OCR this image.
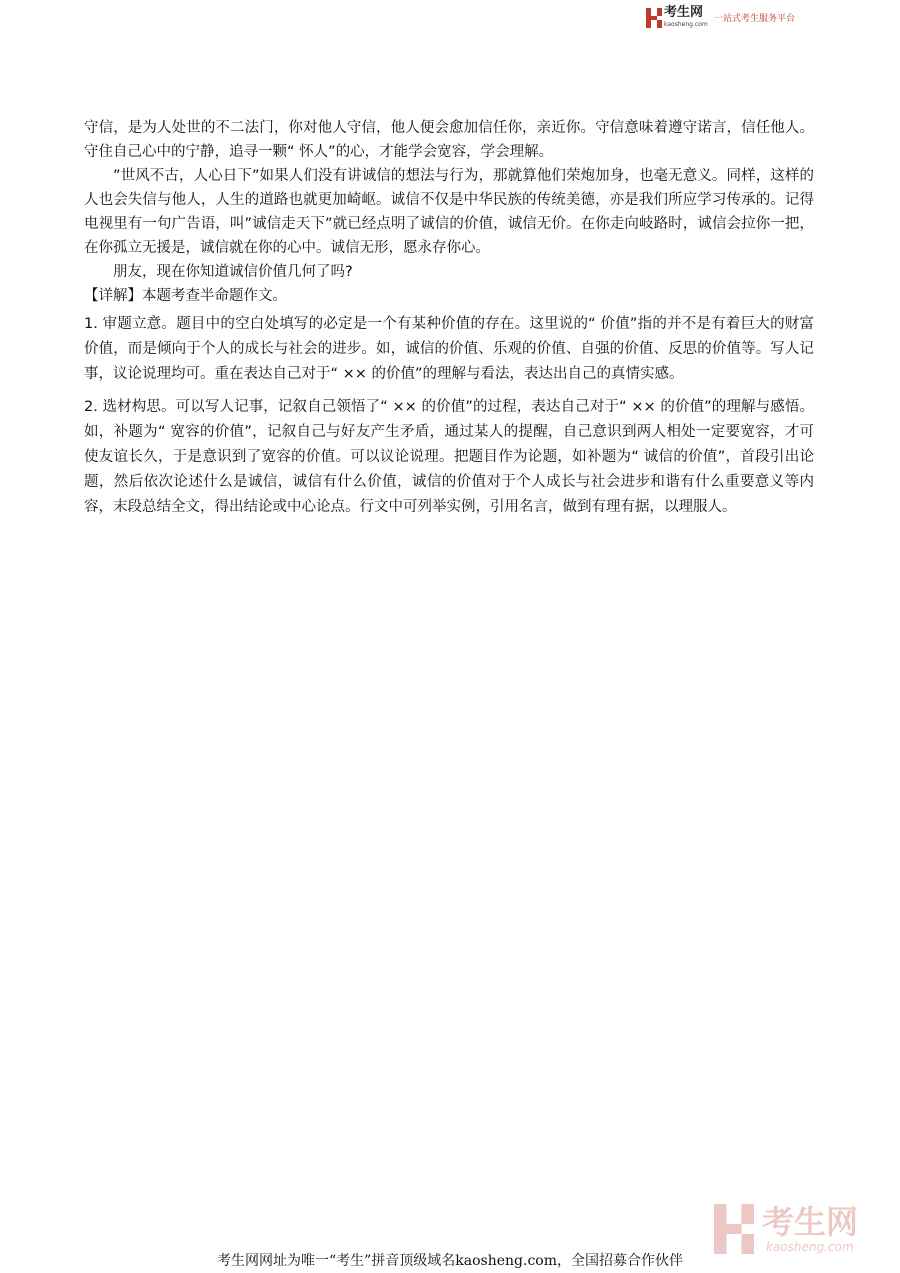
考生网
kaosheng.com
一站式考生服务平台

守信，是为人处世的不二法门，你对他人守信，他人便会愈加信任你，亲近你。守信意味着遵守诺言，信任他人。守住自己心中的宁静，追寻一颗“ 怀人”的心，才能学会宽容，学会理解。

”世风不古，人心日下”如果人们没有讲诚信的想法与行为，那就算他们荣炮加身，也毫无意义。同样，这样的人也会失信与他人，人生的道路也就更加崎岖。诚信不仅是中华民族的传统美德，亦是我们所应学习传承的。记得电视里有一句广告语，叫”诚信走天下”就已经点明了诚信的价值，诚信无价。在你走向岐路时，诚信会拉你一把，在你孤立无援是，诚信就在你的心中。诚信无形，愿永存你心。

朋友，现在你知道诚信价值几何了吗?

【详解】本题考查半命题作文。

1. 审题立意。题目中的空白处填写的必定是一个有某种价值的存在。这里说的“ 价值”指的并不是有着巨大的财富价值，而是倾向于个人的成长与社会的进步。如，诚信的价值、乐观的价值、自强的价值、反思的价值等。写人记事，议论说理均可。重在表达自己对于“ ×× 的价值”的理解与看法，表达出自己的真情实感。

2. 选材构思。可以写人记事，记叙自己领悟了“ ×× 的价值”的过程，表达自己对于“ ×× 的价值”的理解与感悟。如，补题为“ 宽容的价值”，记叙自己与好友产生矛盾，通过某人的提醒，自己意识到两人相处一定要宽容，才可使友谊长久，于是意识到了宽容的价值。可以议论说理。把题目作为论题，如补题为“ 诚信的价值”，首段引出论题，然后依次论述什么是诚信，诚信有什么价值，诚信的价值对于个人成长与社会进步和谐有什么重要意义等内容，末段总结全文，得出结论或中心论点。行文中可列举实例，引用名言，做到有理有据，以理服人。

考生网
kaosheng.com
考生网网址为唯一“考生”拼音顶级域名kaosheng.com，全国招募合作伙伴
